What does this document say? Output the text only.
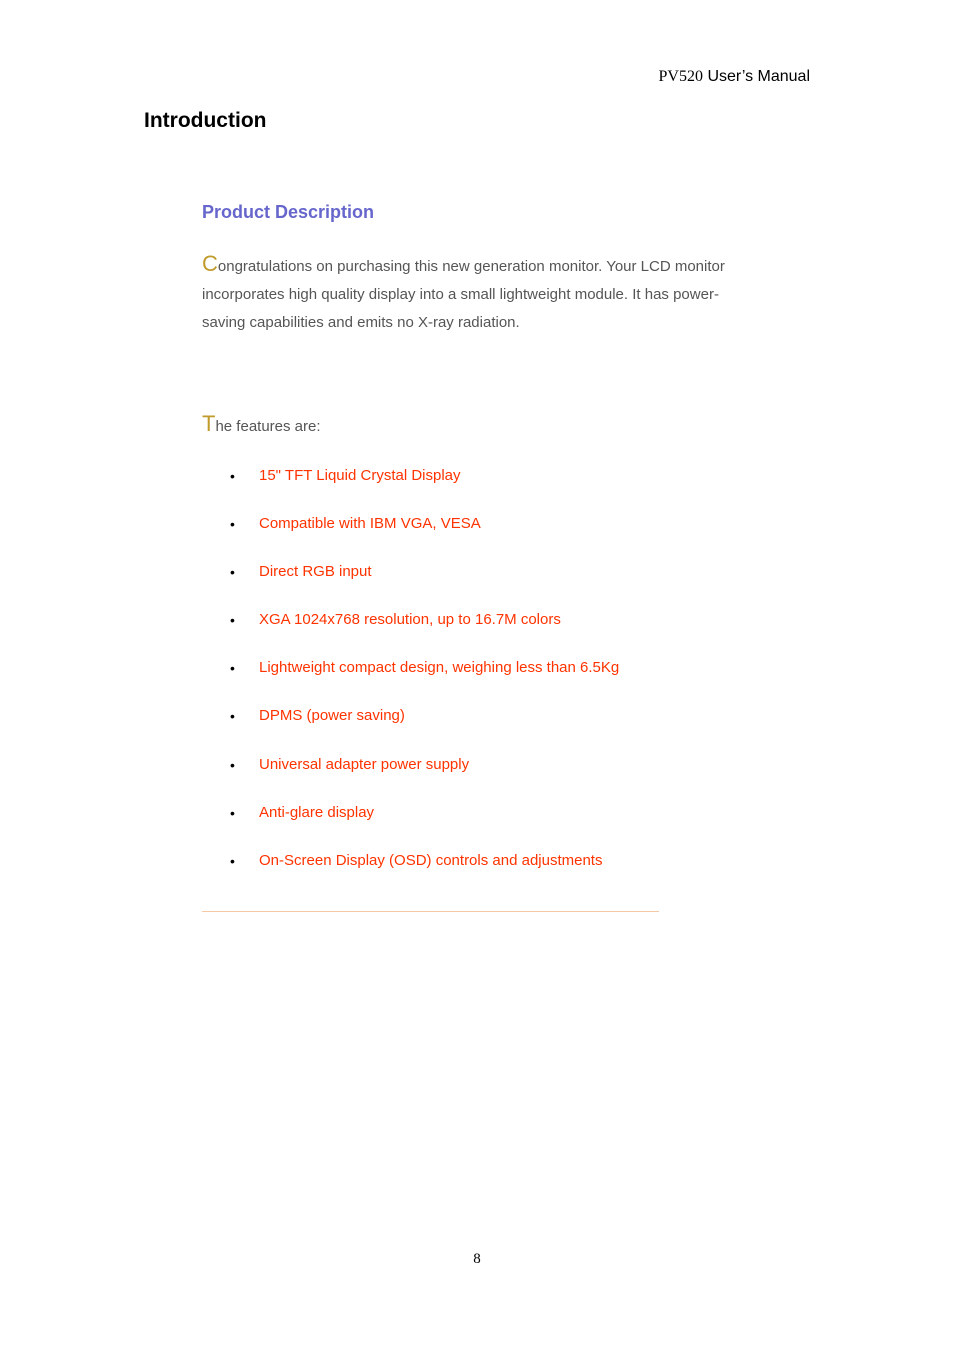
PV520 User’s Manual
Introduction
Product Description

Congratulations on purchasing this new generation monitor. Your LCD monitor incorporates high quality display into a small lightweight module. It has power- saving capabilities and emits no X-ray radiation.

The features are:

• 15" TFT Liquid Crystal Display
• Compatible with IBM VGA, VESA
• Direct RGB input
• XGA 1024x768 resolution, up to 16.7M colors
• Lightweight compact design, weighing less than 6.5Kg
• DPMS (power saving)
• Universal adapter power supply
• Anti-glare display
• On-Screen Display (OSD) controls and adjustments
8
